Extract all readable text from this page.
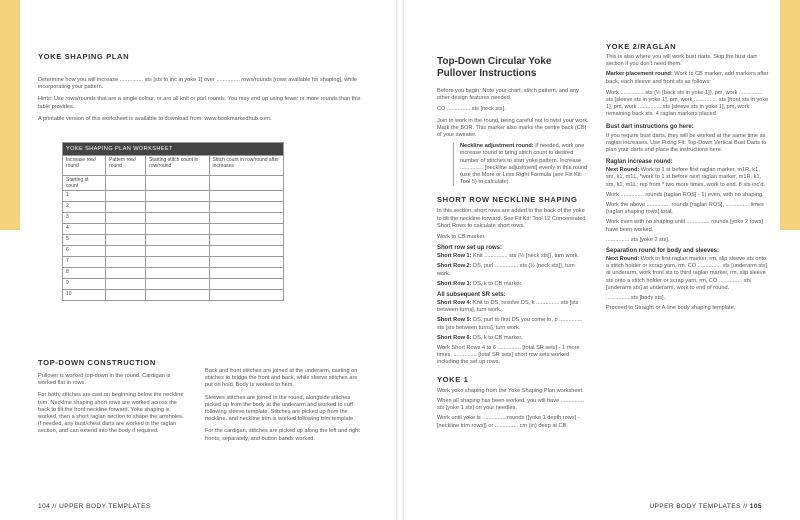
YOKE SHAPING PLAN

Determine how you will increase ............... sts [sts to inc in yoke 1] over ............... rows/rounds [rows available for shaping], while incorporating your pattern.

Hints: Use rows/rounds that are a single colour, or are all knit or purl rounds. You may end up using fewer or more rounds than this table provides.

A printable version of this worksheet is available to download from: www.bookmarkedhub.com.

YOKE SHAPING PLAN WORKSHEET			
Increase row/ round	Pattern row/ round	Starting stitch count in row/round	Stitch count in row/round after increases
Starting st count			
1			
2			
3			
4			
5			
6			
7			
8			
9			
10			
TOP-DOWN CONSTRUCTION

Pullover is worked top-down in the round. Cardigan is worked flat in rows.

For both, stitches are cast on beginning below the neckline trim. Neckline shaping short rows are worked across the back to tilt the front neckline forward. Yoke shaping is worked, then a short raglan section to shape the armholes. If needed, any bust/chest darts are worked in the raglan section, and can extend into the body if required.

Back and front stitches are joined at the underarm, casting on stitches to bridge the front and back, while sleeve stitches are put on hold. Body is worked to hem.

Sleeves stitches are joined in the round, alongside stitches picked up from the body at the underarm and worked to cuff following sleeve template. Stitches are picked up from the neckline, and neckline trim is worked following trim template.

For the cardigan, stitches are picked up along the left and right fronts, separately, and button bands worked.

104 // UPPER BODY TEMPLATES
Top-Down Circular Yoke Pullover Instructions

Before you begin: Note your chart, stitch pattern, and any other design features needed.

CO ............... sts [neck sts].

Join to work in the round, being careful not to twist your work. Mark the BOR. This marker also marks the centre back (CB) of your sweater.

Neckline adjustment round: If needed, work one increase round to bring stitch count to desired number of stitches to start yoke pattern. Increase ............... [neckline adjustment] evenly in this round (use the More or Less Right Formula (see Fix Kit: Tool 5) to calculate).

SHORT ROW NECKLINE SHAPING

In this section, short rows are added to the back of the yoke to tilt the neckline forward. See Fit Kit: Tool 12 Concentrated Short Rows to calculate short rows.

Work to CB marker.

Short row set up rows:

Short Row 1: Knit ............... sts (½ [neck sts]), turn work.

Short Row 2: DS, purl ............... sts (½ [neck sts]), turn work.

Short Row 3: DS, k to CB marker.

All subsequent SR sets:

Short Row 4: Knit to DS, resolve DS, k ............... sts [sts between turns], turn work.

Short Row 5: DS, purl to first DS you come to, p ............... sts [sts between turns], turn work.

Short Row 6: DS, k to CB marker.

Work Short Rows 4 to 6 ............... [total SR sets] - 1 more times. ............... [total SR sets] short row sets worked including the set up rows.

YOKE 1

Work yoke shaping from the Yoke Shaping Plan worksheet.

When all shaping has been worked, you will have ............... sts [yoke 1 sts] on your needles.

Work until yoke is ............... rounds ([yoke 1 depth rows] - [neckline trim rows]) or ............... cm (in) deep at CB.

YOKE 2/RAGLAN

This is also where you will work bust darts. Skip the bust dart section if you don't need them.

Marker placement round: Work to CB marker, add markers after back, each sleeve and front sts as follows:

Work ............... sts (½ [back sts in yoke 1]), pm, work ............... sts [sleeve sts in yoke 1], pm, work ............... sts [front sts in yoke 1], pm, work ............... sts [sleeve sts in yoke 1], pm, work remaining back sts. 4 raglan markers placed.

Bust dart instructions go here:

If you require bust darts, they will be worked at the same time as raglan increases. Use Fixing Fit: Top-Down Vertical Bust Darts to plan your darts and place the instructions here.

Raglan increase round:

Next Round: Work to 1 st before first raglan marker, m1R, k1, sm, k1, m1L, *work to 1 st before next raglan marker, m1R, k1, sm, k1, m1L; rep from * two more times, work to end. 8 sts inc'd.

Work ............... rounds [raglan ROS] - 1) even, with no shaping.

Work the above ............... rounds [raglan ROS], ............... times [raglan shaping rows] total.

Work even with no shaping until ............... rounds [yoke 2 rows] have been worked.

............... sts [yoke 2 sts].

Separation round for body and sleeves:

Next Round: Work to first raglan marker, rm, slip sleeve sts onto a stitch holder or scrap yarn, rm, CO ............... sts [underarm sts] at underarm, work front sts to third raglan marker, rm, slip sleeve sts onto a stitch holder or scrap yarn, rm, CO ............... sts [underarm sts] at underarm, work to end of round.

............... sts [body sts].

Proceed to Straight or A-line body shaping template.

UPPER BODY TEMPLATES // 105
